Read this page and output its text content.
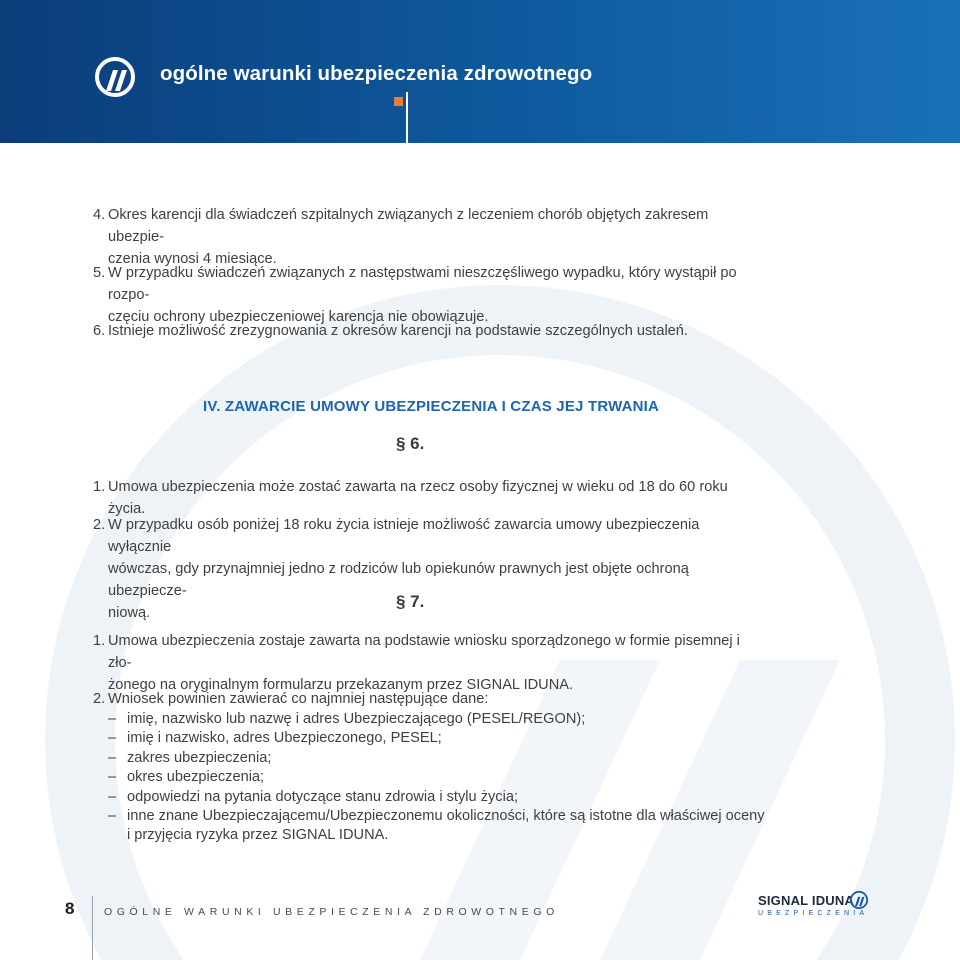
ogólne warunki ubezpieczenia zdrowotnego
4. Okres karencji dla świadczeń szpitalnych związanych z leczeniem chorób objętych zakresem ubezpie-
czenia wynosi 4 miesiące.
5. W przypadku świadczeń związanych z następstwami nieszczęśliwego wypadku, który wystąpił po rozpo-
częciu ochrony ubezpieczeniowej karencja nie obowiązuje.
6. Istnieje możliwość zrezygnowania z okresów karencji na podstawie szczególnych ustaleń.
IV. ZAWARCIE UMOWY UBEZPIECZENIA I CZAS JEJ TRWANIA
§ 6.
1. Umowa ubezpieczenia może zostać zawarta na rzecz osoby fizycznej w wieku od 18 do 60 roku życia.
2. W przypadku osób poniżej 18 roku życia istnieje możliwość zawarcia umowy ubezpieczenia wyłącznie
wówczas, gdy przynajmniej jedno z rodziców lub opiekunów prawnych jest objęte ochroną ubezpiecze-
niową.
§ 7.
1. Umowa ubezpieczenia zostaje zawarta na podstawie wniosku sporządzonego w formie pisemnej i zło-
żonego na oryginalnym formularzu przekazanym przez SIGNAL IDUNA.
2. Wniosek powinien zawierać co najmniej następujące dane:
– imię, nazwisko lub nazwę i adres Ubezpieczającego (PESEL/REGON);
– imię i nazwisko, adres Ubezpieczonego, PESEL;
– zakres ubezpieczenia;
– okres ubezpieczenia;
– odpowiedzi na pytania dotyczące stanu zdrowia i stylu życia;
– inne znane Ubezpieczającemu/Ubezpieczonemu okoliczności, które są istotne dla właściwej oceny
i przyjęcia ryzyka przez SIGNAL IDUNA.
8	OGÓLNE WARUNKI UBEZPIECZENIA ZDROWOTNEGO
SIGNAL IDUNA
UBEZPIECZENIA
